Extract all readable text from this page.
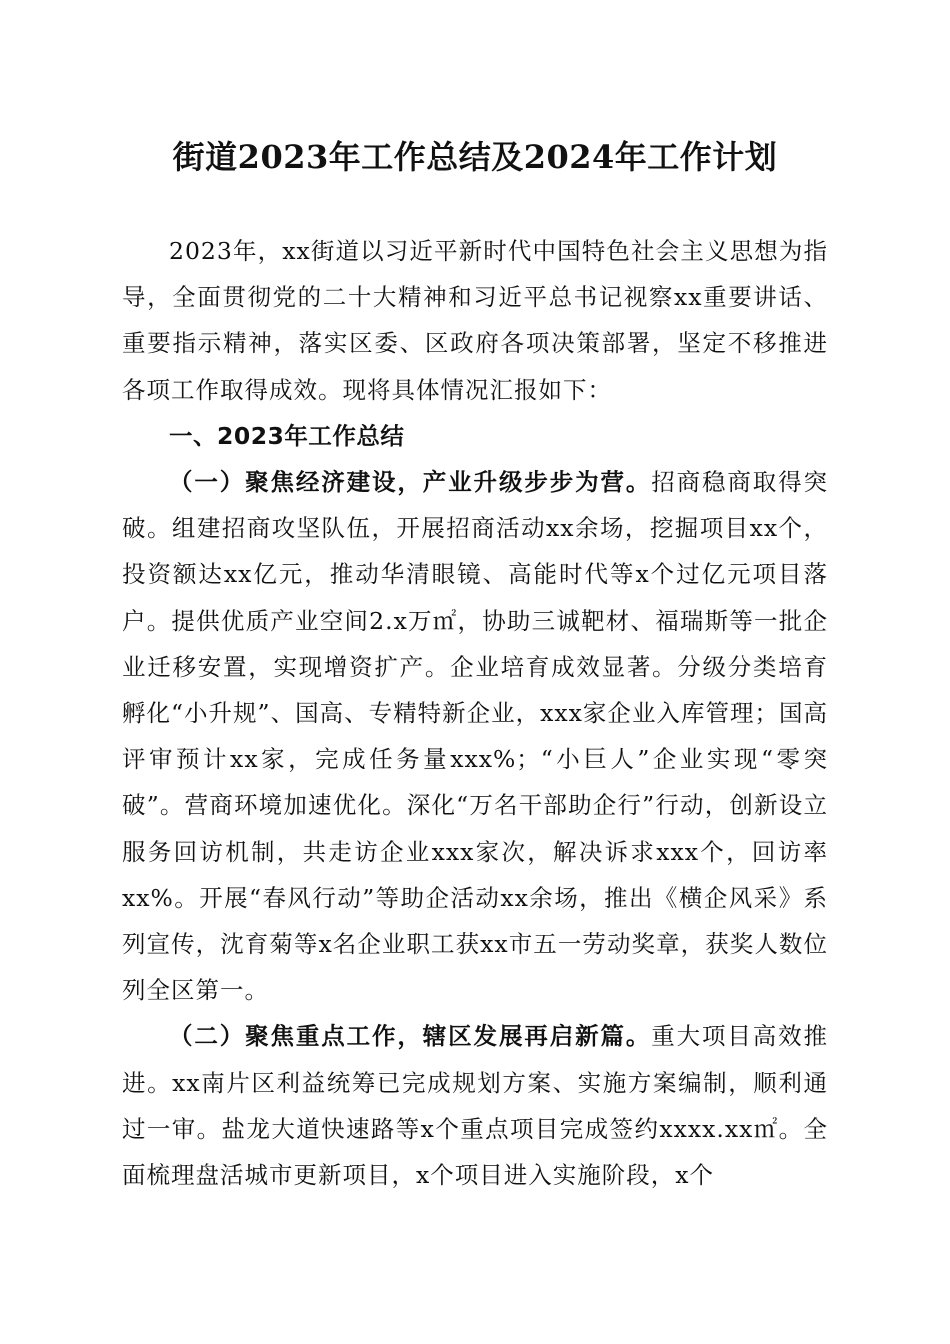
街道2023年工作总结及2024年工作计划

2023年，xx街道以习近平新时代中国特色社会主义思想为指导，全面贯彻党的二十大精神和习近平总书记视察xx重要讲话、重要指示精神，落实区委、区政府各项决策部署，坚定不移推进各项工作取得成效。现将具体情况汇报如下：

一、2023年工作总结

（一）聚焦经济建设，产业升级步步为营。招商稳商取得突破。组建招商攻坚队伍，开展招商活动xx余场，挖掘项目xx个，投资额达xx亿元，推动华清眼镜、高能时代等x个过亿元项目落户。提供优质产业空间2.x万㎡，协助三诚靶材、福瑞斯等一批企业迁移安置，实现增资扩产。企业培育成效显著。分级分类培育孵化“小升规”、国高、专精特新企业，xxx家企业入库管理；国高评审预计xx家，完成任务量xxx%；“小巨人”企业实现“零突破”。营商环境加速优化。深化“万名干部助企行”行动，创新设立服务回访机制，共走访企业xxx家次，解决诉求xxx个，回访率xx%。开展“春风行动”等助企活动xx余场，推出《横企风采》系列宣传，沈育菊等x名企业职工获xx市五一劳动奖章，获奖人数位列全区第一。

（二）聚焦重点工作，辖区发展再启新篇。重大项目高效推进。xx南片区利益统筹已完成规划方案、实施方案编制，顺利通过一审。盐龙大道快速路等x个重点项目完成签约xxxx.xx㎡。全面梳理盘活城市更新项目，x个项目进入实施阶段，x个
